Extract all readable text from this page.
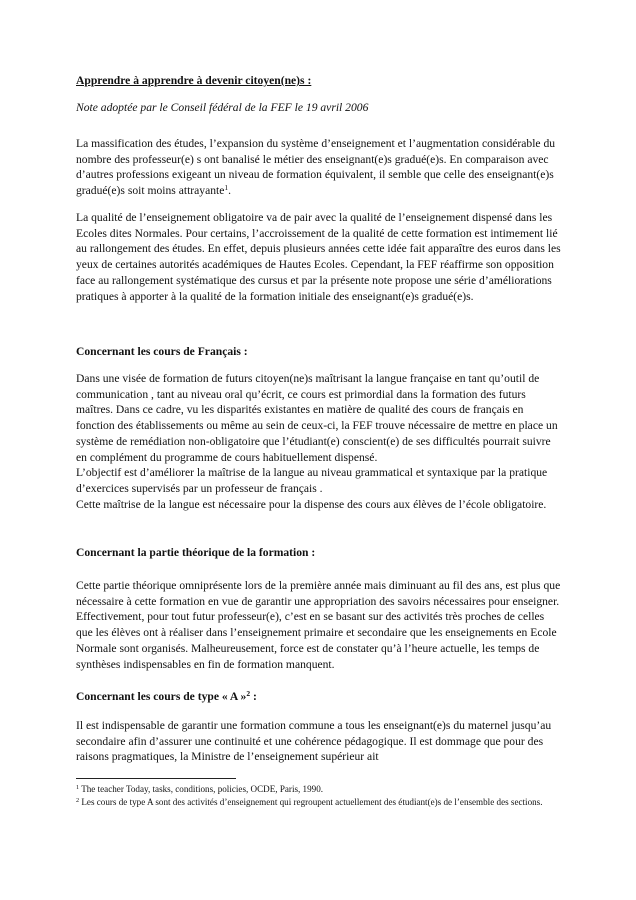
Apprendre à apprendre à devenir citoyen(ne)s :

Note adoptée par le Conseil fédéral de la FEF le 19 avril 2006

La massification des études, l’expansion du système d’enseignement et l’augmentation considérable du nombre des professeur(e) s ont banalisé le métier des enseignant(e)s gradué(e)s. En comparaison avec d’autres professions exigeant un niveau de formation équivalent, il semble que celle des enseignant(e)s gradué(e)s soit moins attrayante$^1$.

La qualité de l’enseignement obligatoire va de pair avec la qualité de l’enseignement dispensé dans les Ecoles dites Normales. Pour certains, l’accroissement de la qualité de cette formation est intimement lié au rallongement des études. En effet, depuis plusieurs années cette idée fait apparaître des euros dans les yeux de certaines autorités académiques de Hautes Ecoles. Cependant, la FEF réaffirme son opposition face au rallongement systématique des cursus et par la présente note propose une série d’améliorations pratiques à apporter à la qualité de la formation initiale des enseignant(e)s gradué(e)s.

Concernant les cours de Français :

Dans une visée de formation de futurs citoyen(ne)s maîtrisant la langue française en tant qu’outil de communication , tant au niveau oral qu’écrit, ce cours est primordial dans la formation des futurs maîtres. Dans ce cadre, vu les disparités existantes en matière de qualité des cours de français en fonction des établissements ou même au sein de ceux-ci, la FEF trouve nécessaire de mettre en place un système de remédiation non-obligatoire que l’étudiant(e) conscient(e) de ses difficultés pourrait suivre en complément du programme de cours habituellement dispensé.
L’objectif est d’améliorer la maîtrise de la langue au niveau grammatical et syntaxique par la pratique d’exercices supervisés par un professeur de français .
Cette maîtrise de la langue est nécessaire pour la dispense des cours aux élèves de l’école obligatoire.

Concernant la partie théorique de la formation :

Cette partie théorique omniprésente lors de la première année mais diminuant au fil des ans, est plus que nécessaire à cette formation en vue de garantir une appropriation des savoirs nécessaires pour enseigner. Effectivement, pour tout futur professeur(e), c’est en se basant sur des activités très proches de celles que les élèves ont à réaliser dans l’enseignement primaire et secondaire que les enseignements en Ecole Normale sont organisés. Malheureusement, force est de constater qu’à l’heure actuelle, les temps de synthèses indispensables en fin de formation manquent.

Concernant les cours de type « A »$^2$ :

Il est indispensable de garantir une formation commune a tous les enseignant(e)s du maternel jusqu’au secondaire afin d’assurer une continuité et une cohérence pédagogique. Il est dommage que pour des raisons pragmatiques, la Ministre de l’enseignement supérieur ait

$^1$ The teacher Today, tasks, conditions, policies, OCDE, Paris, 1990.

$^2$ Les cours de type A sont des activités d’enseignement qui regroupent actuellement des étudiant(e)s de l’ensemble des sections.
